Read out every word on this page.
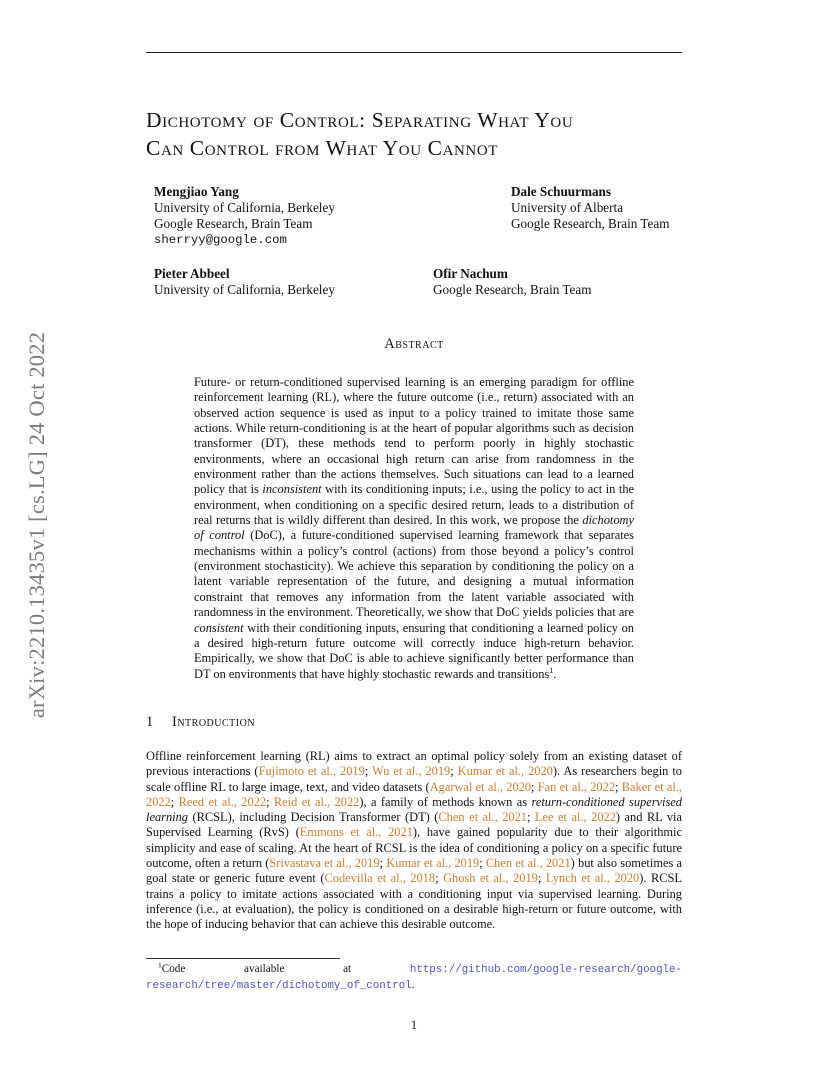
arXiv:2210.13435v1 [cs.LG] 24 Oct 2022
Dichotomy of Control: Separating What You
Can Control from What You Cannot
Mengjiao Yang
University of California, Berkeley
Google Research, Brain Team
sherryy@google.com
Dale Schuurmans
University of Alberta
Google Research, Brain Team
Pieter Abbeel
University of California, Berkeley
Ofir Nachum
Google Research, Brain Team
Abstract
Future- or return-conditioned supervised learning is an emerging paradigm for offline reinforcement learning (RL), where the future outcome (i.e., return) associated with an observed action sequence is used as input to a policy trained to imitate those same actions. While return-conditioning is at the heart of popular algorithms such as decision transformer (DT), these methods tend to perform poorly in highly stochastic environments, where an occasional high return can arise from randomness in the environment rather than the actions themselves. Such situations can lead to a learned policy that is inconsistent with its conditioning inputs; i.e., using the policy to act in the environment, when conditioning on a specific desired return, leads to a distribution of real returns that is wildly different than desired. In this work, we propose the dichotomy of control (DoC), a future-conditioned supervised learning framework that separates mechanisms within a policy’s control (actions) from those beyond a policy’s control (environment stochasticity). We achieve this separation by conditioning the policy on a latent variable representation of the future, and designing a mutual information constraint that removes any information from the latent variable associated with randomness in the environment. Theoretically, we show that DoC yields policies that are consistent with their conditioning inputs, ensuring that conditioning a learned policy on a desired high-return future outcome will correctly induce high-return behavior. Empirically, we show that DoC is able to achieve significantly better performance than DT on environments that have highly stochastic rewards and transitions$^1$.
1 Introduction
Offline reinforcement learning (RL) aims to extract an optimal policy solely from an existing dataset of previous interactions (Fujimoto et al., 2019; Wu et al., 2019; Kumar et al., 2020). As researchers begin to scale offline RL to large image, text, and video datasets (Agarwal et al., 2020; Fan et al., 2022; Baker et al., 2022; Reed et al., 2022; Reid et al., 2022), a family of methods known as return-conditioned supervised learning (RCSL), including Decision Transformer (DT) (Chen et al., 2021; Lee et al., 2022) and RL via Supervised Learning (RvS) (Emmons et al., 2021), have gained popularity due to their algorithmic simplicity and ease of scaling. At the heart of RCSL is the idea of conditioning a policy on a specific future outcome, often a return (Srivastava et al., 2019; Kumar et al., 2019; Chen et al., 2021) but also sometimes a goal state or generic future event (Codevilla et al., 2018; Ghosh et al., 2019; Lynch et al., 2020). RCSL trains a policy to imitate actions associated with a conditioning input via supervised learning. During inference (i.e., at evaluation), the policy is conditioned on a desirable high-return or future outcome, with the hope of inducing behavior that can achieve this desirable outcome.
$^1$Code available at https://github.com/google-research/google-research/tree/master/dichotomy_of_control.
1
